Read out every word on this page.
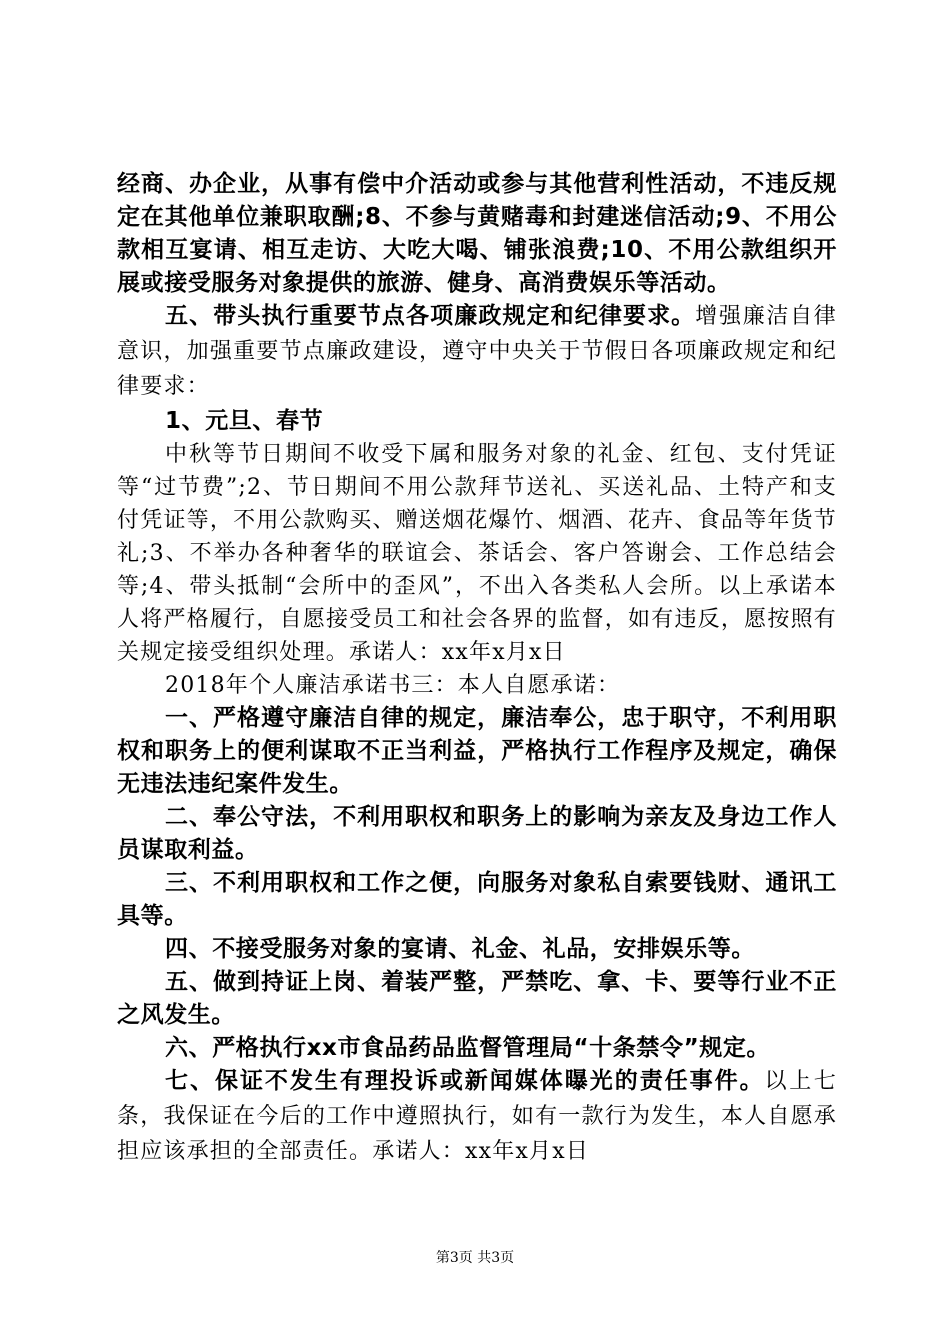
经商、办企业，从事有偿中介活动或参与其他营利性活动，不违反规定在其他单位兼职取酬;8、不参与黄赌毒和封建迷信活动;9、不用公款相互宴请、相互走访、大吃大喝、铺张浪费;10、不用公款组织开展或接受服务对象提供的旅游、健身、高消费娱乐等活动。

五、带头执行重要节点各项廉政规定和纪律要求。增强廉洁自律意识，加强重要节点廉政建设，遵守中央关于节假日各项廉政规定和纪律要求：

1、元旦、春节

中秋等节日期间不收受下属和服务对象的礼金、红包、支付凭证等“过节费”;2、节日期间不用公款拜节送礼、买送礼品、土特产和支付凭证等，不用公款购买、赠送烟花爆竹、烟酒、花卉、食品等年货节礼;3、不举办各种奢华的联谊会、茶话会、客户答谢会、工作总结会等;4、带头抵制“会所中的歪风”，不出入各类私人会所。以上承诺本人将严格履行，自愿接受员工和社会各界的监督，如有违反，愿按照有关规定接受组织处理。承诺人：xx年x月x日

2018年个人廉洁承诺书三：本人自愿承诺：

一、严格遵守廉洁自律的规定，廉洁奉公，忠于职守，不利用职权和职务上的便利谋取不正当利益，严格执行工作程序及规定，确保无违法违纪案件发生。

二、奉公守法，不利用职权和职务上的影响为亲友及身边工作人员谋取利益。

三、不利用职权和工作之便，向服务对象私自索要钱财、通讯工具等。

四、不接受服务对象的宴请、礼金、礼品，安排娱乐等。

五、做到持证上岗、着装严整，严禁吃、拿、卡、要等行业不正之风发生。

六、严格执行xx市食品药品监督管理局“十条禁令”规定。

七、保证不发生有理投诉或新闻媒体曝光的责任事件。以上七条，我保证在今后的工作中遵照执行，如有一款行为发生，本人自愿承担应该承担的全部责任。承诺人：xx年x月x日

第3页 共3页
